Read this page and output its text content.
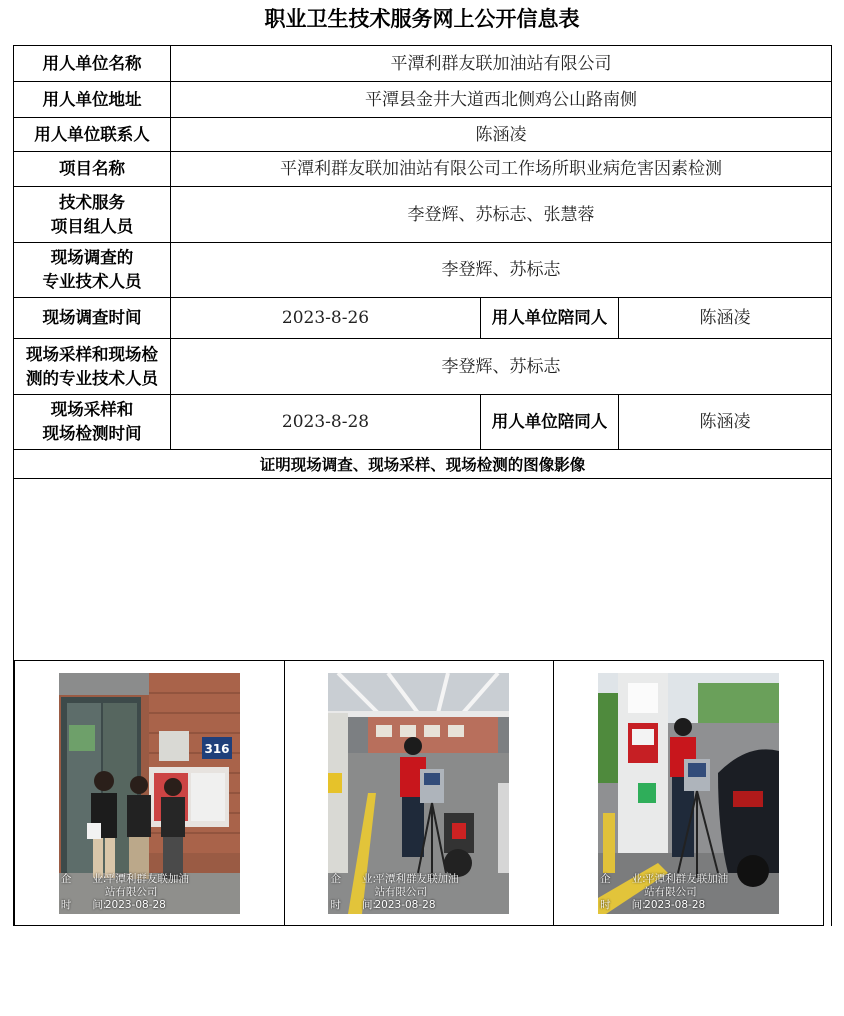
职业卫生技术服务网上公开信息表
用人单位名称	平潭利群友联加油站有限公司		
用人单位地址	平潭县金井大道西北侧鸡公山路南侧		
用人单位联系人	陈涵凌		
项目名称	平潭利群友联加油站有限公司工作场所职业病危害因素检测		

技术服务
项目组人员	李登辉、苏标志、张慧蓉		

现场调查的
专业技术人员	李登辉、苏标志		
现场调查时间	2023-8-26	用人单位陪同人	陈涵凌

现场采样和现场检
测的专业技术人员	李登辉、苏标志		

现场采样和
现场检测时间	2023-8-28	用人单位陪同人	陈涵凌
证明现场调查、现场采样、现场检测的图像影像			

316
企　　业:平潭利群友联加油
站有限公司
时　　间:2023-08-28

企　　业:平潭利群友联加油
站有限公司
时　　间:2023-08-28

企　　业:平潭利群友联加油
站有限公司
时　　间:2023-08-28
